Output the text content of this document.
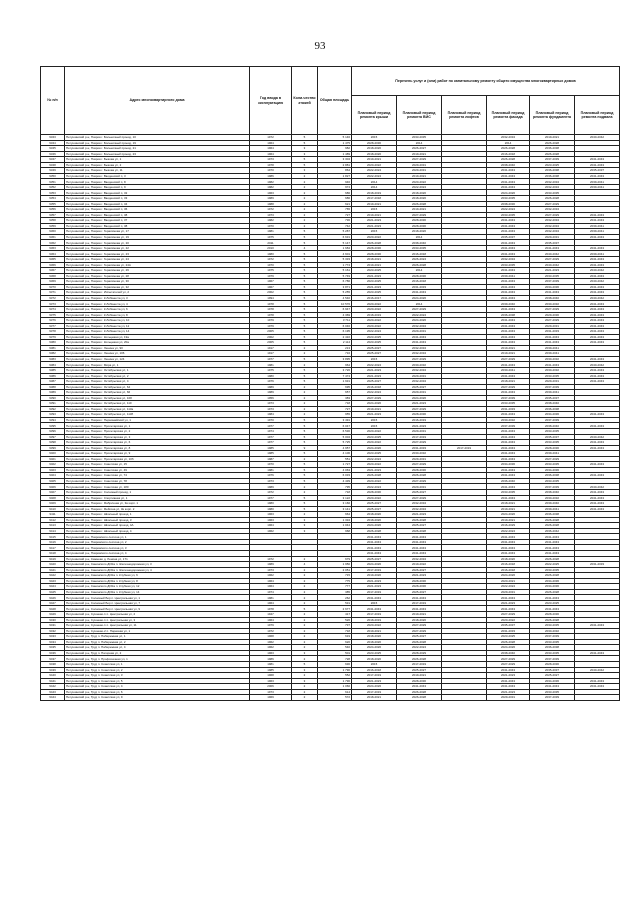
93
№ п/п	Адрес многоквартирного дома	Год ввода в эксплуатацию	Коли-чество этажей	Общая площадь	Перечень услуг и (или) работ по капитальному ремонту общего имущества многоквартирных домов					
					Плановый период ремонта крыши	Плановый период ремонта ВИС	Плановый период ремонта лифтов	Плановый период ремонта фасада	Плановый период ремонта фундамента	Плановый период ремонта подвала
9343	Петушинский р-н, Покров г. Больничный проезд, 10	1972	5	5 146	2015	2033-2035		2032-2034	2019-2021	2040-2042
9344	Петушинский р-н, Покров г. Больничный проезд, 19	1964	5	1 475	2028-2030	2014		2014	2026-2028	
9345	Петушинский р-н, Покров г. Больничный проезд, 21	1964	3	982	2018-2020	2026-2027		2026-2028	2036-2038	
9346	Петушинский р-н, Покров г. Больничный проезд, 23	1964	3	1 489	2018-2020	2019-2021		2016-2018	2026-2028	
9347	Петушинский р-н, Покров г. Быкова ул, 1	1973	5	3 304	2019-2021	2027-2029		2026-2028	2037-2039	2041-2043
9348	Петушинский р-н, Покров г. Быкова ул, 2	1978	5	2 881	2020-2022	2029-2031		2038-2040	2023-2025	2041-2043
9349	Петушинский р-н, Покров г. Быкова ул, 11	1970	3	864	2022-2024	2029-2031		2041-2043	2036-2038	2035-2037
9350	Петушинский р-н, Покров г. Вводенский п, 3	1986	2	1 827	2022-2024	2019-2021		2041-2043	2036-2038	2041-2043
9351	Петушинский р-н, Покров г. Вводенский п, 8	1982	2	946	2014	2020-2022		2041-2043	2032-2034	2039-2041
9352	Петушинский р-н, Покров г. Вводенский п, 9	1982	2	974	2014	2022-2024		2041-2043	2032-2034	2039-2041
9353	Петушинский р-н, Покров г. Вводенский п, 32	1963	2	686	2018-2019	2018-2020		2024-2026	2033-2035	
9354	Петушинский р-н, Покров г. Вводенский п, 33	1989	2	686	2017-2018	2018-2020		2033-2035	2026-2028	
9355	Петушинский р-н, Покров г. Вводенский п, 34	1988	2	621	2019-2021	2026-2028		2038-2030	2027-2029	
9356	Петушинский р-н, Покров г. Вводенский п, 36	1972	2	765	2015	2019-2021		2022-2024	2032-2034	
9357	Петушинский р-н, Покров г. Вводенский п, 38	1973	2	727	2019-2021	2027-2029		2033-2035	2027-2029	2041-2043
9358	Петушинский р-н, Покров г. Вводенский п, 37	1982	2	736	2021-2023	2028-2030		2041-2043	2032-2034	2041-2043
9359	Петушинский р-н, Покров г. Вводенский п, 38	1970	2	742	2021-2023	2028-2030		2041-2043	2032-2034	2039-2041
9360	Петушинский р-н, Покров г. Герасимова ул, 17	1981	5	5 287	2015	2018-2020		2041-2043	2032-2034	2039-2041
9361	Петушинский р-н, Покров г. Герасимова ул, 19	1975	5	6 631	2020-2022	2014		2035-2037	2029-2031	2041-2043
9362	Петушинский р-н, Покров г. Герасимова ул, 20	2011	5	5 147	2026-2028	2038-2040		2041-2043	2035-2037	
9363	Петушинский р-н, Покров г. Герасимова ул, 22	2010	4	1 684	2028-2030	2033-2035		2041-2043	2041-2043	2041-2043
9364	Петушинский р-н, Покров г. Герасимова ул, 23	1980	5	4 601	2028-2030	2016-2018		2041-2043	2040-2042	2039-2041
9365	Петушинский р-н, Покров г. Герасимова ул, 24	1972	5	5 333	2018-2021	2026-2024		2032-2034	2027-2029	2041-2043
9366	Петушинский р-н, Покров г. Герасимова ул, 24А	1970	5	1 774	2019-2021	2026-2028		2033-2035	2040-2042	2041-2043
9367	Петушинский р-н, Покров г. Герасимова ул, 26	1975	5	5 161	2023-2025	2014		2041-2043	2021-2023	2040-2042
9368	Петушинский р-н, Покров г. Герасимова ул, 28	1979	5	5 749	2021-2023	2028-2030		2039-2041	2033-2035	2041-2043
9369	Петушинский р-н, Покров г. Герасимова ул, 30	1967	5	6 786	2023-2025	2016-2018		2041-2043	2037-2039	2040-2042
9370	Петушинский р-н, Покров г. Герасимова ул, 32	1967	5	3 871	2021-2023	2031-2033		2041-2043	2034-2036	2041-2043
9371	Петушинский р-н, Покров г. Испытателей ул, 2	2002	5	5 255	2023-2025	2041-2043		2041-2043	2041-2043	2041-2043
9372	Петушинский р-н, Покров г. К.Либкнехта ул, 3	1994	5	4 540	2016-2017	2024-2026		2041-2043	2038-2040	2040-2042
9373	Петушинский р-н, Покров г. К.Либкнехта ул, 4	1978	5	10 576	2020-2022	2014		2039-2040	2030-2032	2041-2043
9374	Петушинский р-н, Покров г. К.Либкнехта ул, 6	1978	5	6 947	2020-2022	2027-2029		2041-2043	2027-2029	2041-2043
9375	Петушинский р-н, Покров г. К.Либкнехта ул, 8	1978	5	4 369	2018-2019	2022-2024		2036-2038	2029-2030	2041-2043
9376	Петушинский р-н, Покров г. К.Либкнехта ул, 10	1979	5	3 711	2020-2022	2024-2026		2041-2043	2027-2029	2041-2043
9377	Петушинский р-н, Покров г. К.Либкнехта ул, 12	1979	5	6 046	2020-2022	2032-2034		2041-2043	2029-2031	2041-2043
9378	Петушинский р-н, Покров г. К.Либкнехта ул, 14	2005	5	6 195	2022-2024	2029-2031		2041-2043	2031-2033	2041-2043
9379	Петушинский р-н, Покров г. Кольцевая ул, 19а	2002	5	2 410	2023-2025	2041-2043		2041-2043	2041-2043	2041-2043
9380	Петушинский р-н, Покров г. Кольцевая ул, 20а	2005	5	2 114	2023-2025	2041-2043		2041-2043	2041-2043	2041-2043
9381	Петушинский р-н, Покров г. Ленина ул, 90	1917	2	213	2025-2027	2032-2034		2019-2021	2039-2041	
9382	Петушинский р-н, Покров г. Ленина ул, 106	1917	2	716	2025-2027	2032-2034		2019-2021	2039-2041	
9383	Петушинский р-н, Покров г. Ленина ул, 124	1977	5	3 895	2015	2027-2029		2027-2029	2030-2032	2041-2043
9384	Петушинский р-н, Покров г. Мира ул, 1	1981	2	964	2022-2024	2030-2032		2041-2043	2041-2043	2040-2042
9385	Петушинский р-н, Покров г. Октябрьская ул, 1	1975	5	3 726	2021-2023	2032-2034		2030-2041	2030-2032	2041-2043
9386	Петушинский р-н, Покров г. Октябрьская ул, 2	1980	5	7 474	2021-2023	2029-2031		2041-2043	2033-2035	2041-2043
9387	Петушинский р-н, Покров г. Октябрьская ул, 4	1976	5	1 931	2025-2027	2032-2034		2018-2021	2029-2031	2041-2043
9388	Петушинский р-н, Покров г. Октябрьская ул, 64	1989	2	695	2016-2018	2025-2027		2027-2029	2037-2039	
9389	Петушинский р-н, Покров г. Октябрьская ул, 66	1989	2	657	2022-2024	2029-2031		2041-2043	2039-2041	
9390	Петушинский р-н, Покров г. Октябрьская ул, 108	1956	2	383	2027-2029	2024-2026		2037-2039	2035-2037	
9391	Петушинский р-н, Покров г. Октябрьская ул, 110	1973	2	718	2024-2026	2021-2023		2033-2035	2038-2040	
9392	Петушинский р-н, Покров г. Октябрьская ул, 113а	1973	2	727	2019-2021	2027-2029		2031-2033	2036-2038	
9393	Петушинский р-н, Покров г. Октябрьская ул, 113б	1984	2	955	2021-2023	2028-2030		2041-2043	2034-2036	2041-2043
9394	Петушинский р-н, Покров г. Первомайский ул, 1	1970	5	3 491	2015	2016-2019		2030-2032	2037-2039	
9395	Петушинский р-н, Покров г. Пролетарская ул, 1	1977	5	6 047	2015	2021-2023		2037-2039	2038-2040	2041-2043
9396	Петушинский р-н, Покров г. Пролетарская ул, 2	1974	5	6 530	2020-2022	2029-2031		2041-2043	2033-2035	
9397	Петушинский р-н, Покров г. Пролетарская ул, 3	1977	5	5 004	2023-2025	2017-2019		2041-2043	2035-2037	2040-2042
9398	Петушинский р-н, Покров г. Пролетарская ул, 6	1977	5	5 725	2020-2022	2027-2029		2041-2043	2033-2035	2041-2043
9399	Петушинский р-н, Покров г. Пролетарская ул, 8	1985	9	4 957	2024-2026	2031-2033	2017-2019	2041-2043	2028-2030	2041-2043
9400	Петушинский р-н, Покров г. Пролетарская ул, 9	1985	5	4 106	2023-2025	2030-2032		2041-2043	2039-2041	
9401	Петушинский р-н, Покров г. Пролетарская ул, 10б	1987	2	551	2022-2024	2029-2031		2041-2043	2027-2029	
9402	Петушинский р-н, Покров г. Советская ул, 15	1970	5	1 727	2020-2022	2027-2029		2034-2036	2033-2035	2041-2043
9403	Петушинский р-н, Покров г. Советская ул, 49	1981	5	4 063	2021-2023	2028-2030		2041-2043	2034-2036	
9404	Петушинский р-н, Покров г. Советская ул, 74	1976	5	6 033	2026-2028	2026-2028		2041-2043	2036-2038	2041-2043
9405	Петушинский р-н, Покров г. Советская ул, 78	1973	5	4 439	2020-2022	2027-2029		2036-2040	2033-2035	
9406	Петушинский р-н, Покров г. Советская ул, 180	1989	2	795	2022-2024	2029-2031		2041-2043	2037-2039	2040-2042
9407	Петушинский р-н, Покров г. Сосновый проезд, 1	1972	2	718	2028-2030	2025-2027		2033-2035	2038-2040	2041-2043
9408	Петушинский р-н, Покров г. Спортивная ул, 1	1977	5	3 122	2020-2022	2027-2029		2041-2043	2030-2032	2041-2043
9409	Петушинский р-н, Покров г. Фабричная ул, 3в корп. 1	1980	5	3 166	2025-2027	2032-2034		2018-2021	2039-2040	2041-2043
9410	Петушинский р-н, Покров г. Фейгина ул, 3в корп. 2	1980	5	3 141	2025-2027	2032-2034		2019-2021	2039-2041	2041-2043
9411	Петушинский р-н, Покров г. Школьный проезд, 1	1963	2	664	2018-2020	2021-2023		2024-2026	2036-2038	
9412	Петушинский р-н, Покров г. Школьный проезд, 3	1963	3	1 334	2018-2020	2026-2028		2019-2021	2026-2028	
9413	Петушинский р-н, Покров г. Школьный проезд, 4А	1964	3	1 044	2024-2026	2025-2027		2016-2029	2026-2028	
9414	Петушинский р-н, Покров г. Школьный проезд, 4	1962	3	968	2026-2028	2026-2028		2022-2024	2036-2042	
9415	Петушинский р-н, Покровского лесхоза ул, 1				2041-2043	2041-2043		2041-2043	2041-2043	
9416	Петушинский р-н, Покровского лесхоза ул, 2				2041-2043	2041-2043		2041-2043	2041-2043	
9417	Петушинский р-н, Покровского лесхоза ул, 3				2041-2043	2041-2043		2041-2043	2041-2043	
9418	Петушинский р-н, Покровского лесхоза ул, 4				2041-2043	2041-2043		2041-2043	2041-2043	
9419	Петушинский р-н, Сажнево д. Ленина ул, 171	1972	2	679	2025-2027	2032-2034		2018-2020	2026-2028	
9420	Петушинский р-н, Санинского ДОКа п. Железнодорожная ул, 3	1989	4	1 950	2024-2026	2019-2022		2016-2018	2022-2025	2031-2033
9421	Петушинский р-н, Санинского ДОКа п. Железнодорожная ул, 4	1973	2	2 051	2017-2019	2026-2027		2016-2018	2033-2035	
9422	Петушинский р-н, Санинского ДОКа п. Клубная ул, 6	1962	2	715	2019-2020	2021-2023		2024-2026	2026-2028	
9423	Петушинский р-н, Санинского ДОКа п. Клубная ул, 8	1964	2	775	2021-2023	2028-2030		2020-2021	2034-2036	
9424	Петушинский р-н, Санинского ДОКа п. Клубная ул, 12	1964	2	777	2021-2023	2028-2030		2022-2024	2034-2036	
9425	Петушинский р-н, Санинского ДОКа п. Клубная ул, 14	1974	2	385	2017-2019	2025-2027		2029-2031	2026-2028	
9426	Петушинский р-н, Сосновый Бор п. Центральная ул, 1	1981	2	262	2041-2043	2041-2043		2041-2043	2041-2043	
9427	Петушинский р-н, Сосновый Бор п. Центральная ул, 7	1964	2	531	2015	2017-2019		2021-2023	2023-2025	
9428	Петушинский р-н, Сосновый Бор п. Центральная ул, 9	1978	5	2 677	2041-2043	2041-2043		2041-2043	2041-2043	
9429	Петушинский р-н, Сушнево-1 п. Центральная ул, 2	1947	2	417	2017-2019	2019-2021		2027-2029	2028-2030	
9430	Петушинский р-н, Сушнево-1 п. Центральная ул, 3	1964	2	526	2018-2019	2018-2020		2020-2022	2026-2028	
9431	Петушинский р-н, Сушнево-1 п. Центральная ул, 11	1979	2	737	2020-2022	2027-2029		2035-2037	2033-2035	2041-2043
9432	Петушинский р-н, Сушнево-2 п. Парковая ул, 1	1972	2	718	2019-2021	2027-2029		2031-2033	2030-2032	
9433	Петушинский р-н, Труд п. Набережная ул, 1	1968	2	619	2018-2020	2025-2027		2023-2025	2037-2039	
9434	Петушинский р-н, Труд п. Набережная ул, 2	1962	2	620	2018-2020	2026-2028		2026-2028	2033-2035	
9435	Петушинский р-н, Труд п. Набережная ул, 4	1962	2	540	2024-2026	2022-2024		2024-2026	2036-2038	
9436	Петушинский р-н, Труд п. Нагорная ул, 2	1963	3	501	2023-2025	2028-2029		2038-2040	2033-2035	2041-2043
9437	Петушинский р-н, Труд п. Профсоюзная ул, 1	1986	2	728	2018-2020	2026-2028		2027-2029	2037-2039	
9438	Петушинский р-н, Труд п. Советская ул, 1	1981	5	630	2015	2017-2019		2027-2029	2028-2030	
9439	Петушинский р-н, Труд п. Советская ул, 2	1985	3	1 790	2016-2018	2025-2027		2041-2043	2035-2037	2040-2042
9440	Петушинский р-н, Труд п. Советская ул, 3	1968	2	552	2017-2019	2019-2021		2021-2023	2025-2027	
9441	Петушинский р-н, Труд п. Советская ул, 5	1963	3	1 796	2021-2023	2028-2030		2041-2043	2034-2036	2041-2043
9442	Петушинский р-н, Труд п. Советская ул, 4	2006	2	1 066	2024-2026	2041-2043		2041-2043	2041-2043	2041-2043
9443	Петушинский р-н, Труд п. Советская ул, 6	1973	2	614	2017-2019	2026-2028		2021-2023	2033-2035	
9444	Петушинский р-н, Труд п. Советская ул, 9	1969	2	572	2018-2021	2026-2028		2029-2031	2037-2039	
